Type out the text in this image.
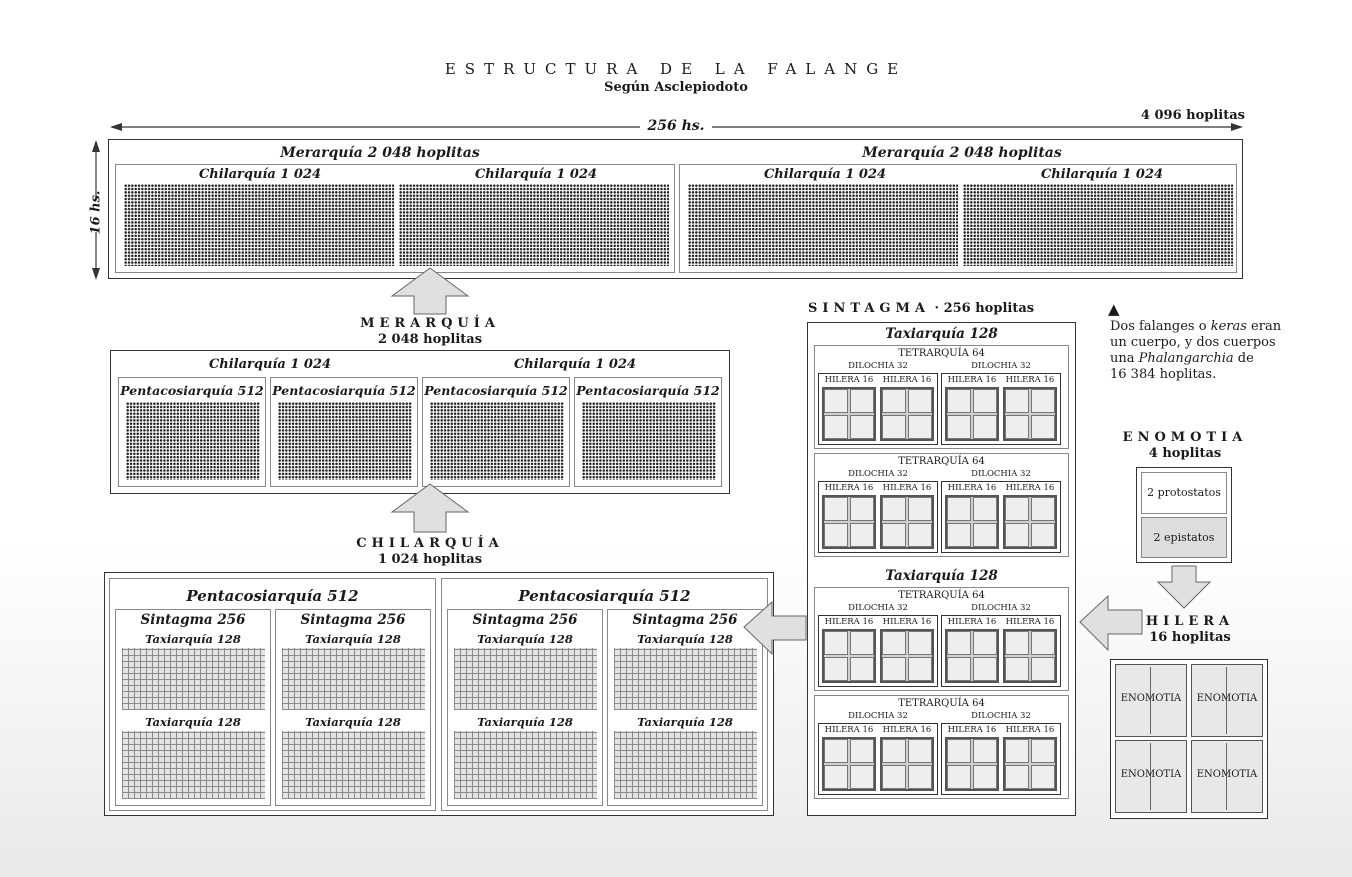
ESTRUCTURA DE LA FALANGE
Según Asclepiodoto
256 hs.
4 096 hoplitas
16 hs.
Merarquía 2 048 hoplitas	Merarquía 2 048 hoplitas
Chilarquía 1 024	Chilarquía 1 024	Chilarquía 1 024	Chilarquía 1 024
MERARQUÍA
2 048 hoplitas
Chilarquía 1 024	Chilarquía 1 024
Pentacosiarquía 512 Pentacosiarquía 512 Pentacosiarquía 512 Pentacosiarquía 512
CHILARQUÍA
1 024 hoplitas
Pentacosiarquía 512	Pentacosiarquía 512
Sintagma 256	Sintagma 256	Sintagma 256	Sintagma 256
Taxiarquía 128	Taxiarquía 128	Taxiarquía 128	Taxiarquía 128
Taxiarquía 128	Taxiarquía 128	Taxiarquía 128	Taxiarquía 128
SINTAGMA · 256 hoplitas
Taxiarquía 128
Taxiarquía 128
TETRARQUÍA 64
DILOCHIA 32
HILERA 16	HILERA 16
DILOCHIA 32
HILERA 16	HILERA 16
TETRARQUÍA 64
DILOCHIA 32
HILERA 16	HILERA 16
DILOCHIA 32
HILERA 16	HILERA 16
TETRARQUÍA 64
DILOCHIA 32
HILERA 16	HILERA 16
DILOCHIA 32
HILERA 16	HILERA 16
TETRARQUÍA 64
DILOCHIA 32
HILERA 16	HILERA 16
DILOCHIA 32
HILERA 16	HILERA 16
▲
Dos falanges o keras eran
un cuerpo, y dos cuerpos
una Phalangarchia de
16 384 hoplitas.
ENOMOTIA
4 hoplitas
2 protostatos
2 epistatos
HILERA
16 hoplitas
ENOMOTIA	ENOMOTIA
ENOMOTIA	ENOMOTIA
